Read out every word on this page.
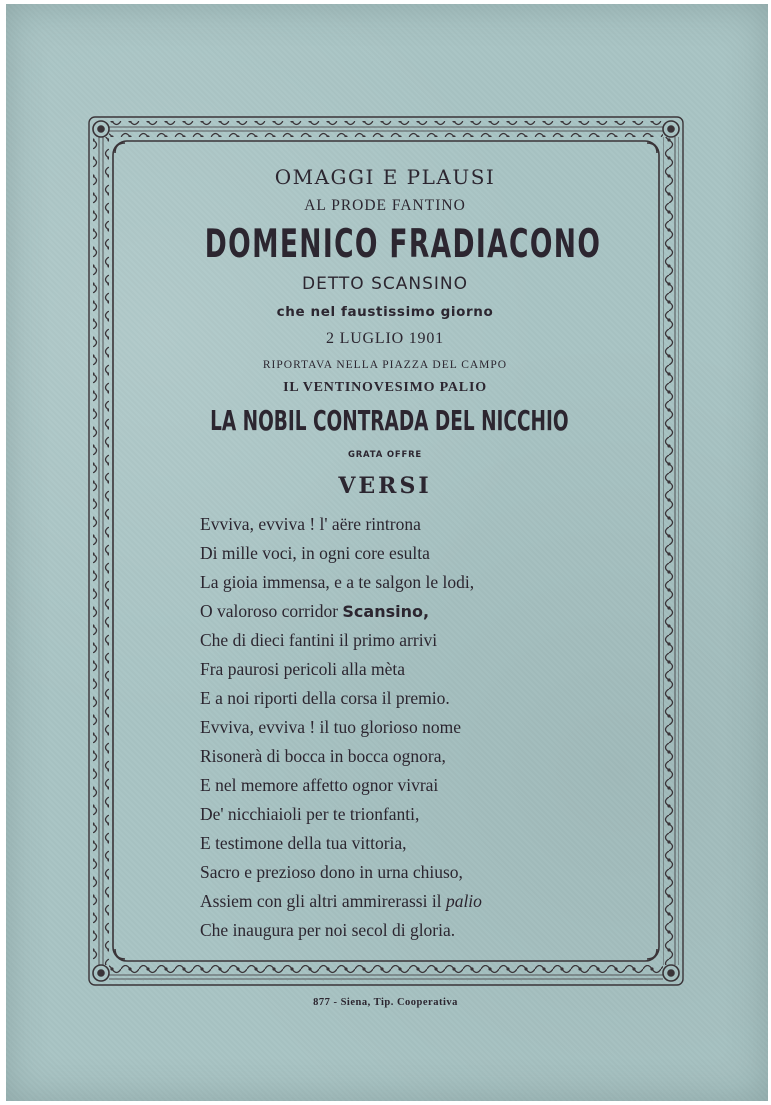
OMAGGI E PLAUSI
AL PRODE FANTINO
DOMENICO FRADIACONO
DETTO SCANSINO
che nel faustissimo giorno
2 LUGLIO 1901
RIPORTAVA NELLA PIAZZA DEL CAMPO
IL VENTINOVESIMO PALIO
LA NOBIL CONTRADA DEL NICCHIO
GRATA OFFRE
VERSI
Evviva, evviva ! l' aëre rintrona
Di mille voci, in ogni core esulta
La gioia immensa, e a te salgon le lodi,
O valoroso corridor Scansino,
Che di dieci fantini il primo arrivi
Fra paurosi pericoli alla mèta
E a noi riporti della corsa il premio.
Evviva, evviva ! il tuo glorioso nome
Risonerà di bocca in bocca ognora,
E nel memore affetto ognor vivrai
De' nicchiaioli per te trionfanti,
E testimone della tua vittoria,
Sacro e prezioso dono in urna chiuso,
Assiem con gli altri ammirerassi il palio
Che inaugura per noi secol di gloria.
877 - Siena, Tip. Cooperativa
